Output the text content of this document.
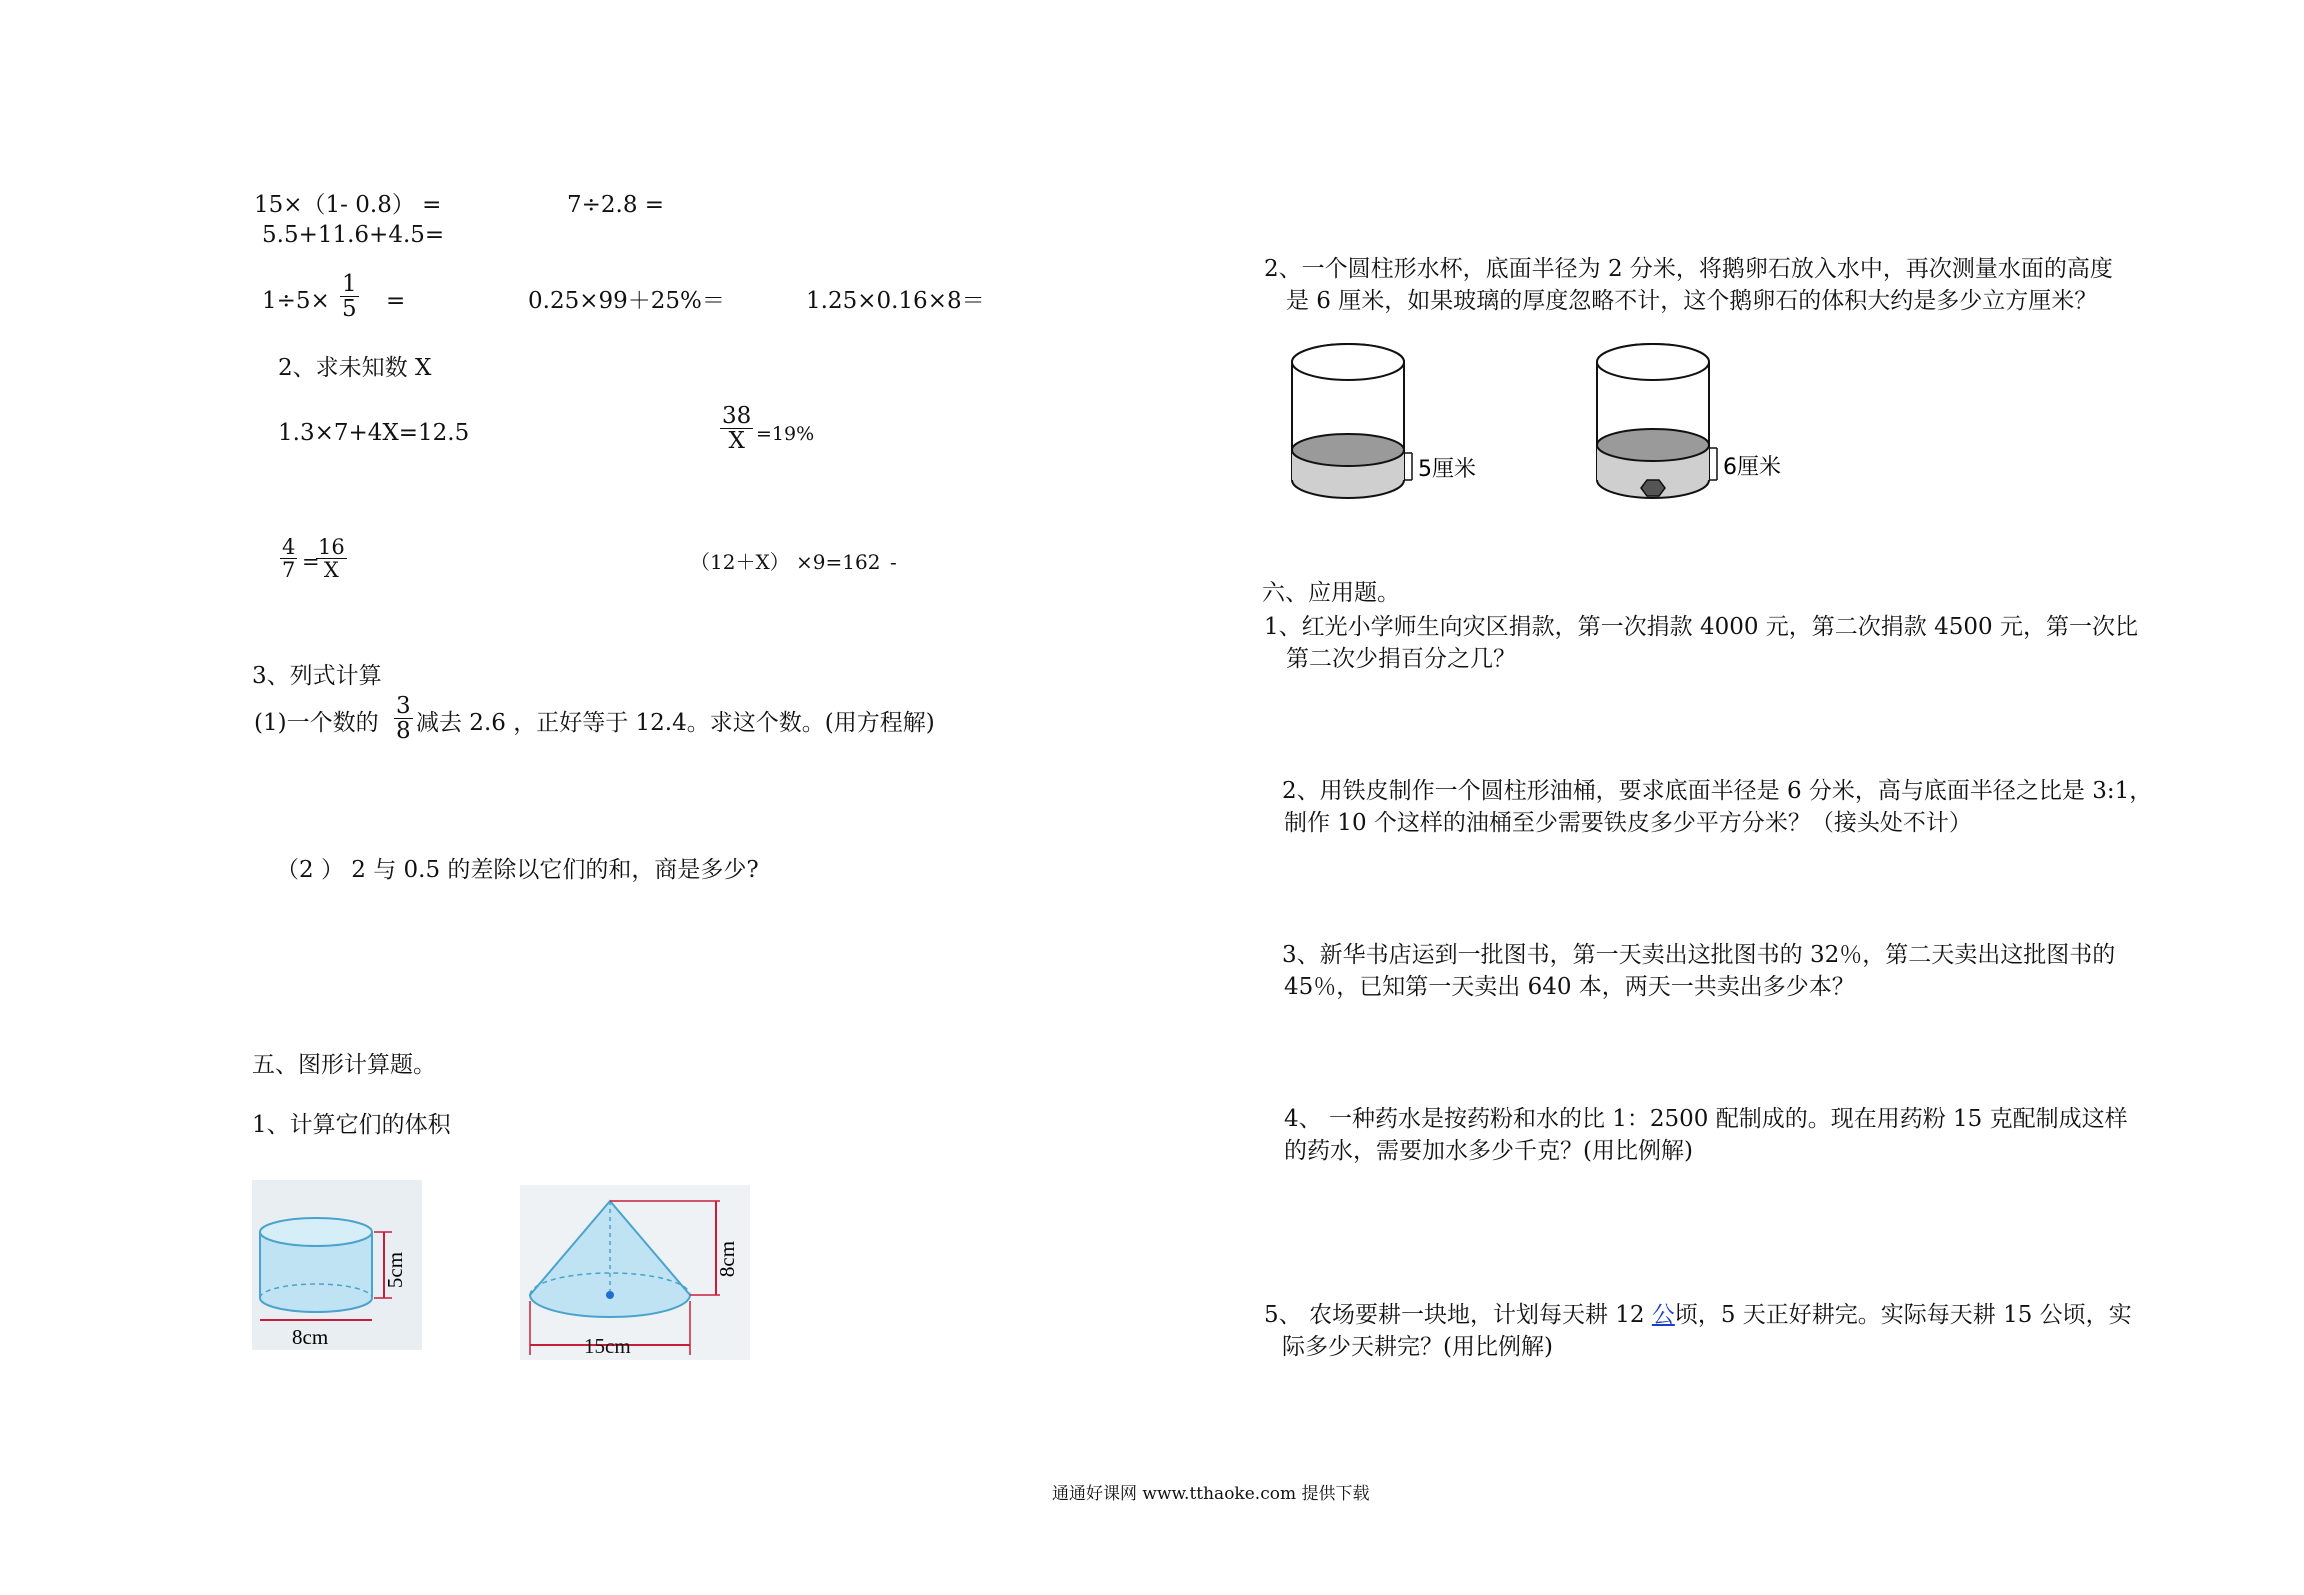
15×（1- 0.8） =	7÷2.8 =
5.5+11.6+4.5=
$1\div 5\times \frac{1}{5}$ =	0.25×99＋25%＝	1.25×0.16×8＝
2、求未知数 X
1.3×7+4X=12.5	$\frac{38}{X} =19\%$
$\frac{4}{7}$ =
$\frac{16}{X}$	（12＋X） ×9=162 -
3、列式计算
(1)一个数的 $\frac{3}{8}$ 减去 2.6 ，正好等于 12.4。求这个数。(用方程解)
（2 ） 2 与 0.5 的差除以它们的和，商是多少?
五、图形计算题。
1、计算它们的体积
5cm
8cm
8cm
15cm
2、一个圆柱形水杯，底面半径为 2 分米，将鹅卵石放入水中，再次测量水面的高度
是 6 厘米，如果玻璃的厚度忽略不计，这个鹅卵石的体积大约是多少立方厘米？
5厘米	6厘米
六、应用题。
1、红光小学师生向灾区捐款，第一次捐款 4000 元，第二次捐款 4500 元，第一次比
第二次少捐百分之几？
2、用铁皮制作一个圆柱形油桶，要求底面半径是 6 分米，高与底面半径之比是 3:1，
制作 10 个这样的油桶至少需要铁皮多少平方分米？（接头处不计）
3、新华书店运到一批图书，第一天卖出这批图书的 32％，第二天卖出这批图书的
45％，已知第一天卖出 640 本，两天一共卖出多少本？
4、 一种药水是按药粉和水的比 1：2500 配制成的。现在用药粉 15 克配制成这样
的药水，需要加水多少千克？(用比例解)
5、 农场要耕一块地，计划每天耕 12 公顷，5 天正好耕完。实际每天耕 15 公顷，实
际多少天耕完？(用比例解)
通通好课网 www.tthaoke.com 提供下载
